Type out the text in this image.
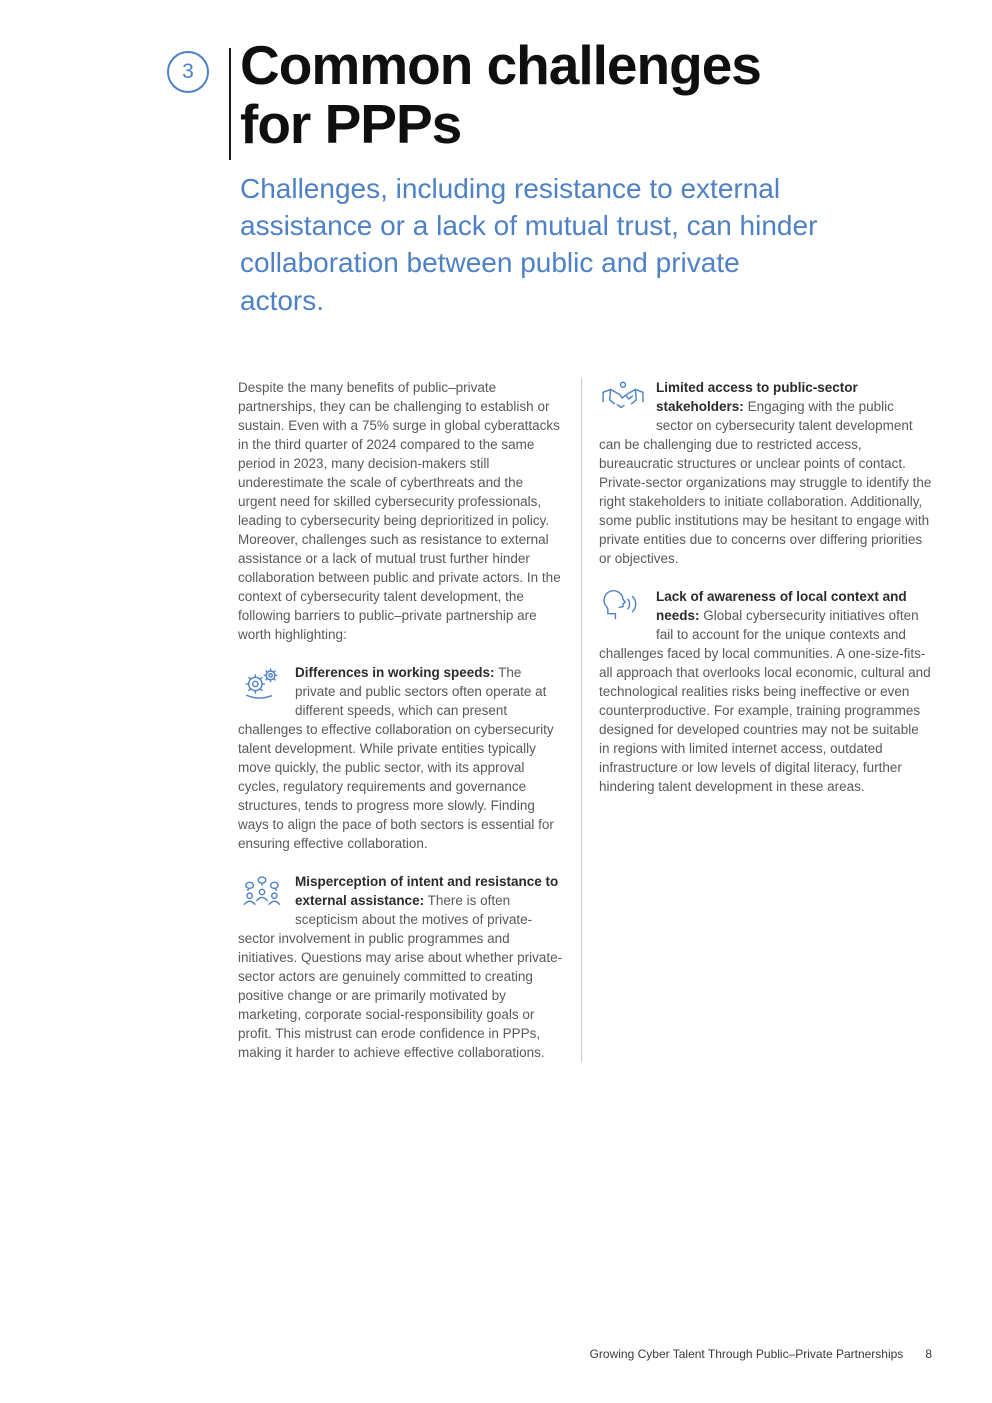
3 Common challenges
for PPPs
Challenges, including resistance to external assistance or a lack of mutual trust, can hinder collaboration between public and private actors.

Despite the many benefits of public–private partnerships, they can be challenging to establish or sustain. Even with a 75% surge in global cyberattacks in the third quarter of 2024 compared to the same period in 2023, many decision-makers still underestimate the scale of cyberthreats and the urgent need for skilled cybersecurity professionals, leading to cybersecurity being deprioritized in policy. Moreover, challenges such as resistance to external assistance or a lack of mutual trust further hinder collaboration between public and private actors. In the context of cybersecurity talent development, the following barriers to public–private partnership are worth highlighting:

Differences in working speeds: The private and public sectors often operate at different speeds, which can present challenges to effective collaboration on cybersecurity talent development. While private entities typically move quickly, the public sector, with its approval cycles, regulatory requirements and governance structures, tends to progress more slowly. Finding ways to align the pace of both sectors is essential for ensuring effective collaboration.
Misperception of intent and resistance to external assistance: There is often scepticism about the motives of private-sector involvement in public programmes and initiatives. Questions may arise about whether private-sector actors are genuinely committed to creating positive change or are primarily motivated by marketing, corporate social-responsibility goals or profit. This mistrust can erode confidence in PPPs, making it harder to achieve effective collaborations.
Limited access to public-sector stakeholders: Engaging with the public sector on cybersecurity talent development can be challenging due to restricted access, bureaucratic structures or unclear points of contact. Private-sector organizations may struggle to identify the right stakeholders to initiate collaboration. Additionally, some public institutions may be hesitant to engage with private entities due to concerns over differing priorities or objectives.
Lack of awareness of local context and needs: Global cybersecurity initiatives often fail to account for the unique contexts and challenges faced by local communities. A one-size-fits-all approach that overlooks local economic, cultural and technological realities risks being ineffective or even counterproductive. For example, training programmes designed for developed countries may not be suitable in regions with limited internet access, outdated infrastructure or low levels of digital literacy, further hindering talent development in these areas.
Growing Cyber Talent Through Public–Private Partnerships 8
